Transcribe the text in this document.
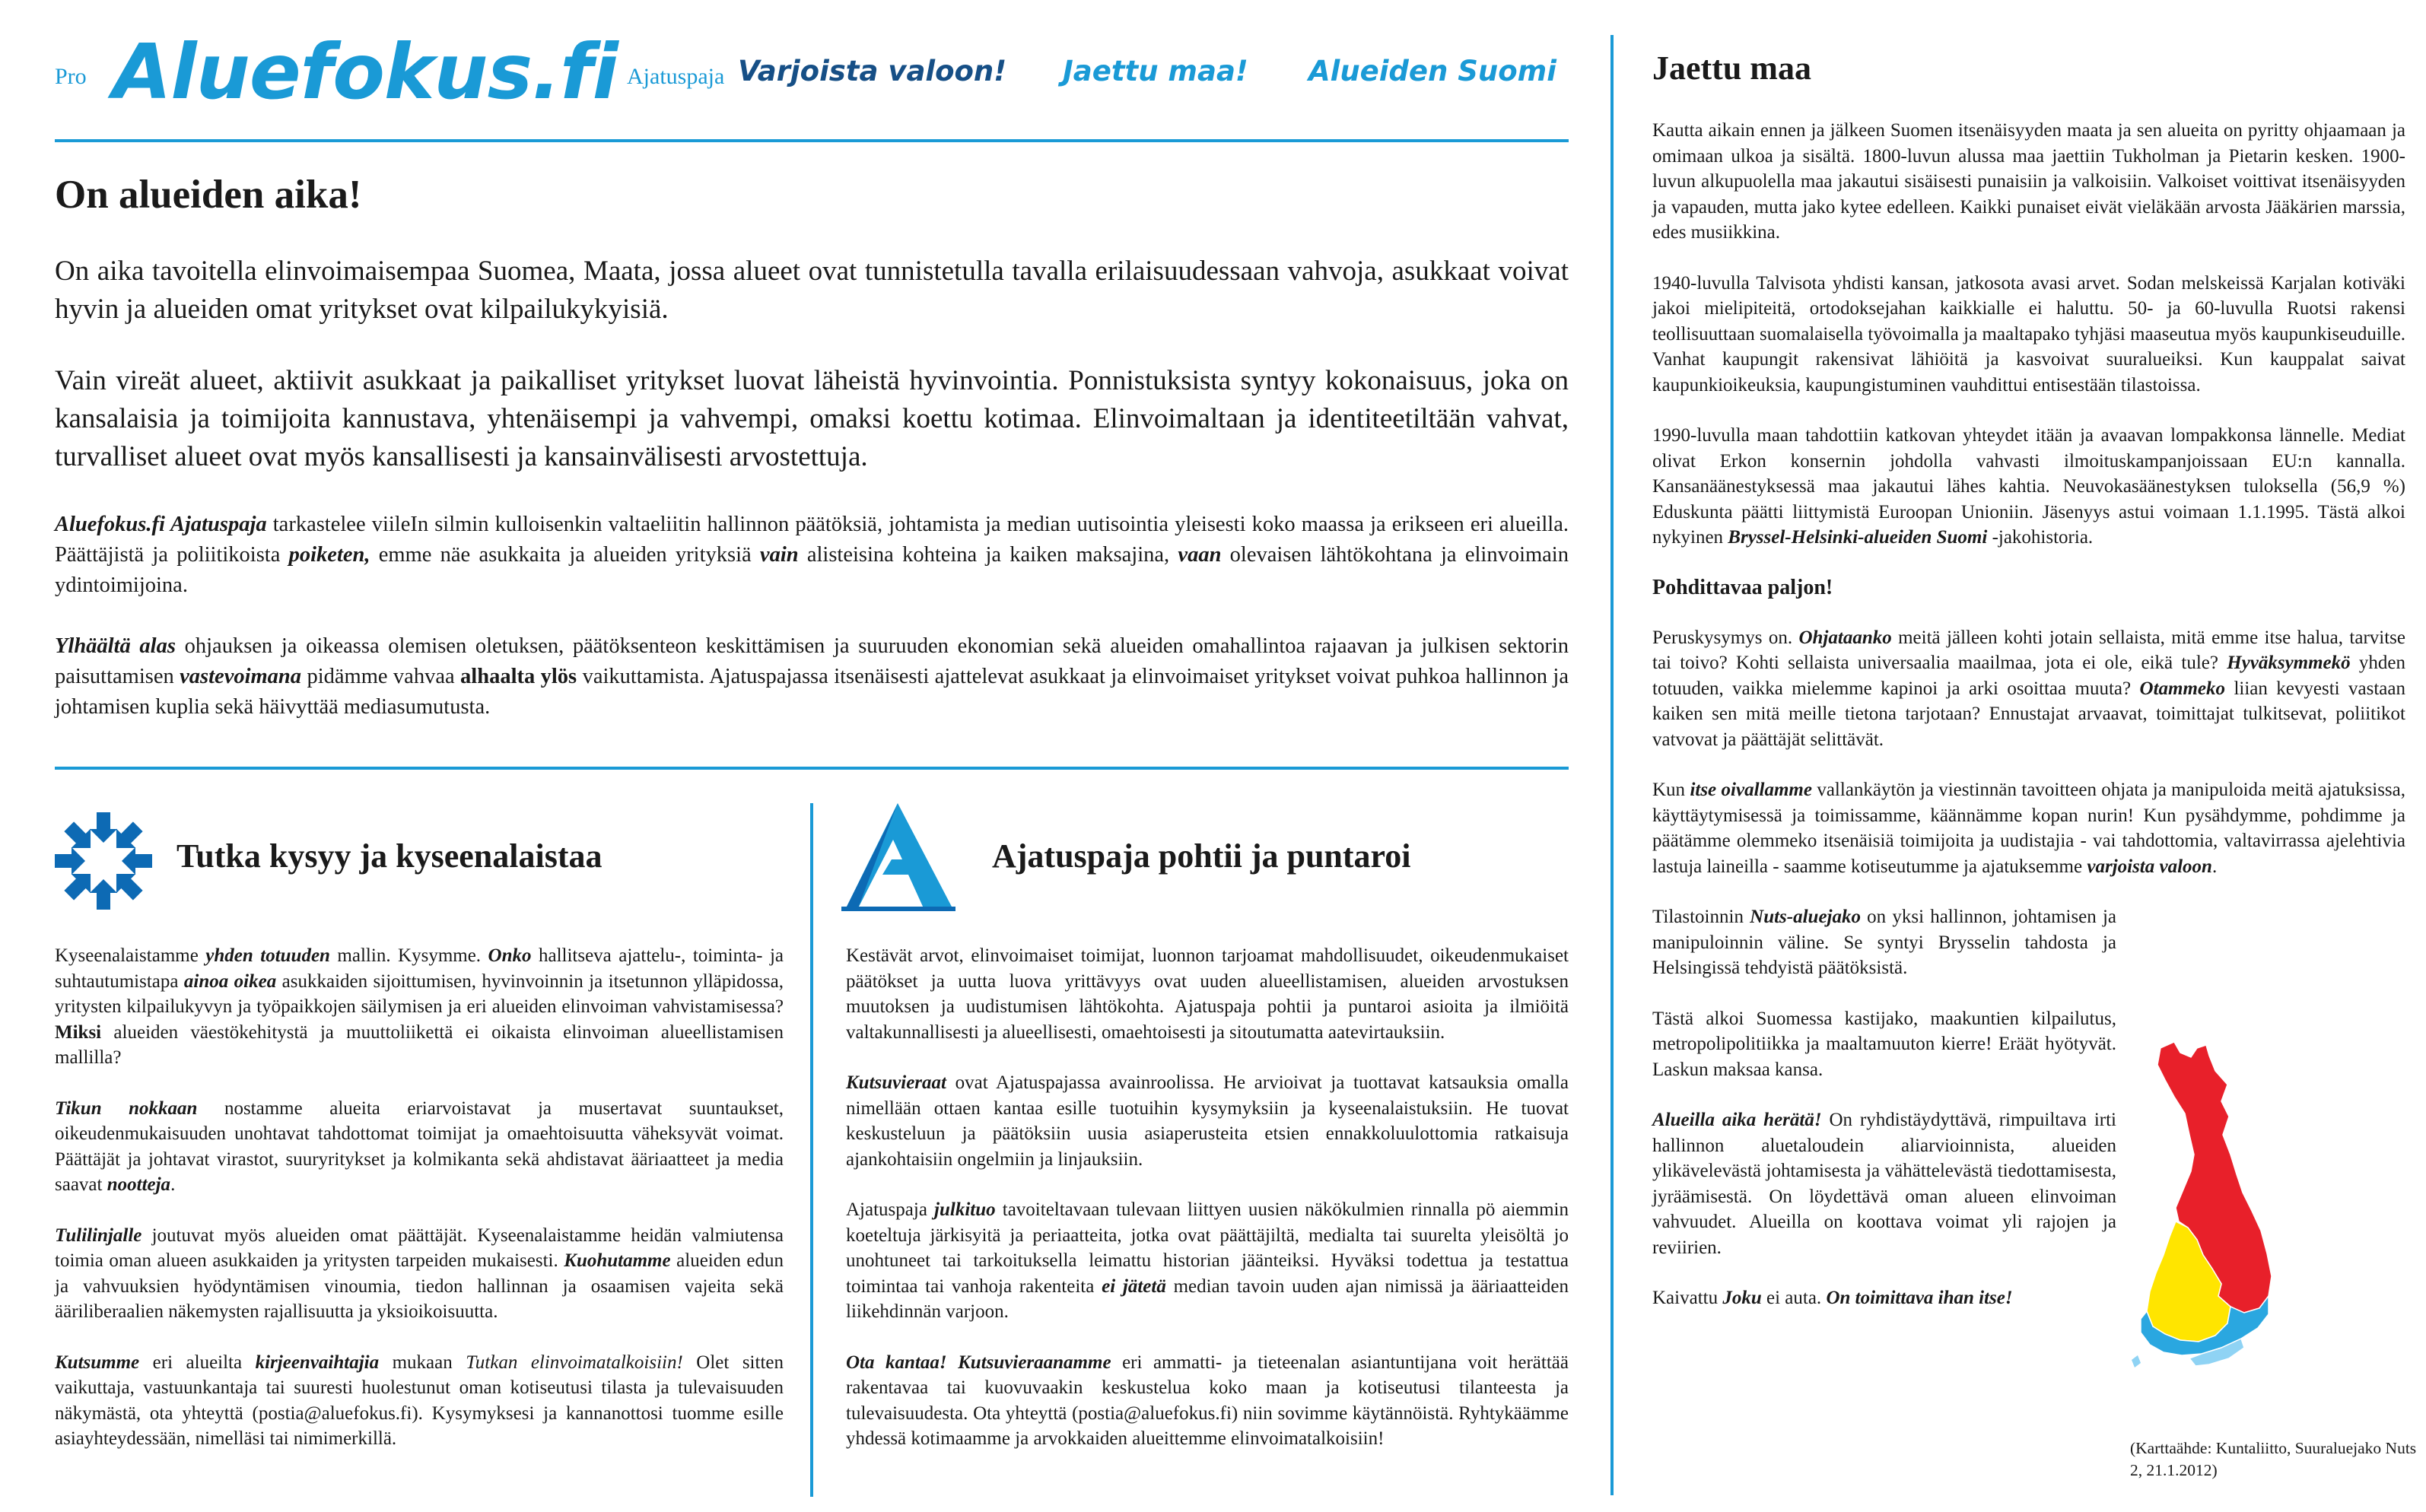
Pro Aluefokus.fi Ajatuspaja Varjoista valoon! Jaettu maa! Alueiden Suomi
On alueiden aika!

On aika tavoitella elinvoimaisempaa Suomea, Maata, jossa alueet ovat tunnistetulla tavalla erilaisuudessaan vahvoja, asukkaat voivat hyvin ja alueiden omat yritykset ovat kilpailukykyisiä.

Vain vireät alueet, aktiivit asukkaat ja paikalliset yritykset luovat läheistä hyvinvointia. Ponnistuksista syntyy kokonaisuus, joka on kansalaisia ja toimijoita kannustava, yhtenäisempi ja vahvempi, omaksi koettu kotimaa. Elinvoimaltaan ja identiteetiltään vahvat, turvalliset alueet ovat myös kansallisesti ja kansainvälisesti arvostettuja.

Aluefokus.fi Ajatuspaja tarkastelee viileIn silmin kulloisenkin valtaeliitin hallinnon päätöksiä, johtamista ja median uutisointia yleisesti koko maassa ja erikseen eri alueilla. Päättäjistä ja poliitikoista poiketen, emme näe asukkaita ja alueiden yrityksiä vain alisteisina kohteina ja kaiken maksajina, vaan olevaisen lähtökohtana ja elinvoimain ydintoimijoina.

Ylhäältä alas ohjauksen ja oikeassa olemisen oletuksen, päätöksenteon keskittämisen ja suuruuden ekonomian sekä alueiden omahallintoa rajaavan ja julkisen sektorin paisuttamisen vastevoimana pidämme vahvaa alhaalta ylös vaikuttamista. Ajatuspajassa itsenäisesti ajattelevat asukkaat ja elinvoimaiset yritykset voivat puhkoa hallinnon ja johtamisen kuplia sekä häivyttää mediasumutusta.

Tutka kysyy ja kyseenalaistaa

Kyseenalaistamme yhden totuuden mallin. Kysymme. Onko hallitseva ajattelu-, toiminta- ja suhtautumistapa ainoa oikea asukkaiden sijoittumisen, hyvinvoinnin ja itsetunnon ylläpidossa, yritysten kilpailukyvyn ja työpaikkojen säilymisen ja eri alueiden elinvoiman vahvistamisessa? Miksi alueiden väestökehitystä ja muuttoliikettä ei oikaista elinvoiman alueellistamisen mallilla?

Tikun nokkaan nostamme alueita eriarvoistavat ja musertavat suuntaukset, oikeudenmukaisuuden unohtavat tahdottomat toimijat ja omaehtoisuutta väheksyvät voimat. Päättäjät ja johtavat virastot, suuryritykset ja kolmikanta sekä ahdistavat ääriaatteet ja media saavat nootteja.

Tulilinjalle joutuvat myös alueiden omat päättäjät. Kyseenalaistamme heidän valmiutensa toimia oman alueen asukkaiden ja yritysten tarpeiden mukaisesti. Kuohutamme alueiden edun ja vahvuuksien hyödyntämisen vinoumia, tiedon hallinnan ja osaamisen vajeita sekä ääriliberaalien näkemysten rajallisuutta ja yksioikoisuutta.

Kutsumme eri alueilta kirjeenvaihtajia mukaan Tutkan elinvoimatalkoisiin! Olet sitten vaikuttaja, vastuunkantaja tai suuresti huolestunut oman kotiseutusi tilasta ja tulevaisuuden näkymästä, ota yhteyttä (postia@aluefokus.fi). Kysymyksesi ja kannanottosi tuomme esille asiayhteydessään, nimelläsi tai nimimerkillä.

Ajatuspaja pohtii ja puntaroi

Kestävät arvot, elinvoimaiset toimijat, luonnon tarjoamat mahdollisuudet, oikeudenmukaiset päätökset ja uutta luova yrittävyys ovat uuden alueellistamisen, alueiden arvostuksen muutoksen ja uudistumisen lähtökohta. Ajatuspaja pohtii ja puntaroi asioita ja ilmiöitä valtakunnallisesti ja alueellisesti, omaehtoisesti ja sitoutumatta aatevirtauksiin.

Kutsuvieraat ovat Ajatuspajassa avainroolissa. He arvioivat ja tuottavat katsauksia omalla nimellään ottaen kantaa esille tuotuihin kysymyksiin ja kyseenalaistuksiin. He tuovat keskusteluun ja päätöksiin uusia asiaperusteita etsien ennakkoluulottomia ratkaisuja ajankohtaisiin ongelmiin ja linjauksiin.

Ajatuspaja julkituo tavoiteltavaan tulevaan liittyen uusien näkökulmien rinnalla pö aiemmin koeteltuja järkisyitä ja periaatteita, jotka ovat päättäjiltä, medialta tai suurelta yleisöltä jo unohtuneet tai tarkoituksella leimattu historian jäänteiksi. Hyväksi todettua ja testattua toimintaa tai vanhoja rakenteita ei jätetä median tavoin uuden ajan nimissä ja ääriaatteiden liikehdinnän varjoon.

Ota kantaa! Kutsuvieraanamme eri ammatti- ja tieteenalan asiantuntijana voit herättää rakentavaa tai kuovuvaakin keskustelua koko maan ja kotiseutusi tilanteesta ja tulevaisuudesta. Ota yhteyttä (postia@aluefokus.fi) niin sovimme käytännöistä. Ryhtykäämme yhdessä kotimaamme ja arvokkaiden alueittemme elinvoimatalkoisiin!

Jaettu maa

Kautta aikain ennen ja jälkeen Suomen itsenäisyyden maata ja sen alueita on pyritty ohjaamaan ja omimaan ulkoa ja sisältä. 1800-luvun alussa maa jaettiin Tukholman ja Pietarin kesken. 1900-luvun alkupuolella maa jakautui sisäisesti punaisiin ja valkoisiin. Valkoiset voittivat itsenäisyyden ja vapauden, mutta jako kytee edelleen. Kaikki punaiset eivät vieläkään arvosta Jääkärien marssia, edes musiikkina.

1940-luvulla Talvisota yhdisti kansan, jatkosota avasi arvet. Sodan melskeissä Karjalan kotiväki jakoi mielipiteitä, ortodoksejahan kaikkialle ei haluttu. 50- ja 60-luvulla Ruotsi rakensi teollisuuttaan suomalaisella työvoimalla ja maaltapako tyhjäsi maaseutua myös kaupunkiseuduille. Vanhat kaupungit rakensivat lähiöitä ja kasvoivat suuralueiksi. Kun kauppalat saivat kaupunkioikeuksia, kaupungistuminen vauhdittui entisestään tilastoissa.

1990-luvulla maan tahdottiin katkovan yhteydet itään ja avaavan lompakkonsa lännelle. Mediat olivat Erkon konsernin johdolla vahvasti ilmoituskampanjoissaan EU:n kannalla. Kansanäänestyksessä maa jakautui lähes kahtia. Neuvokasäänestyksen tuloksella (56,9 %) Eduskunta päätti liittymistä Euroopan Unioniin. Jäsenyys astui voimaan 1.1.1995. Tästä alkoi nykyinen Bryssel-Helsinki-alueiden Suomi -jakohistoria.

Pohdittavaa paljon!

Peruskysymys on. Ohjataanko meitä jälleen kohti jotain sellaista, mitä emme itse halua, tarvitse tai toivo? Kohti sellaista universaalia maailmaa, jota ei ole, eikä tule? Hyväksymmekö yhden totuuden, vaikka mielemme kapinoi ja arki osoittaa muuta? Otammeko liian kevyesti vastaan kaiken sen mitä meille tietona tarjotaan? Ennustajat arvaavat, toimittajat tulkitsevat, poliitikot vatvovat ja päättäjät selittävät.

Kun itse oivallamme vallankäytön ja viestinnän tavoitteen ohjata ja manipuloida meitä ajatuksissa, käyttäytymisessä ja toimissamme, käännämme kopan nurin! Kun pysähdymme, pohdimme ja päätämme olemmeko itsenäisiä toimijoita ja uudistajia - vai tahdottomia, valtavirrassa ajelehtivia lastuja laineilla - saamme kotiseutumme ja ajatuksemme varjoista valoon.

Tilastoinnin Nuts-aluejako on yksi hallinnon, johtamisen ja manipuloinnin väline. Se syntyi Brysselin tahdosta ja Helsingissä tehdyistä päätöksistä.

Tästä alkoi Suomessa kastijako, maakuntien kilpailutus, metropolipolitiikka ja maaltamuuton kierre! Eräät hyötyvät. Laskun maksaa kansa.

Alueilla aika herätä! On ryhdistäydyttävä, rimpuiltava irti hallinnon aluetaloudein aliarvioinnista, alueiden ylikävelevästä johtamisesta ja vähättelevästä tiedottamisesta, jyräämisestä. On löydettävä oman alueen elinvoiman vahvuudet. Alueilla on koottava voimat yli rajojen ja reviirien.

Kaivattu Joku ei auta. On toimittava ihan itse!

(Karttaähde: Kuntaliitto, Suuraluejako Nuts 2, 21.1.2012)
